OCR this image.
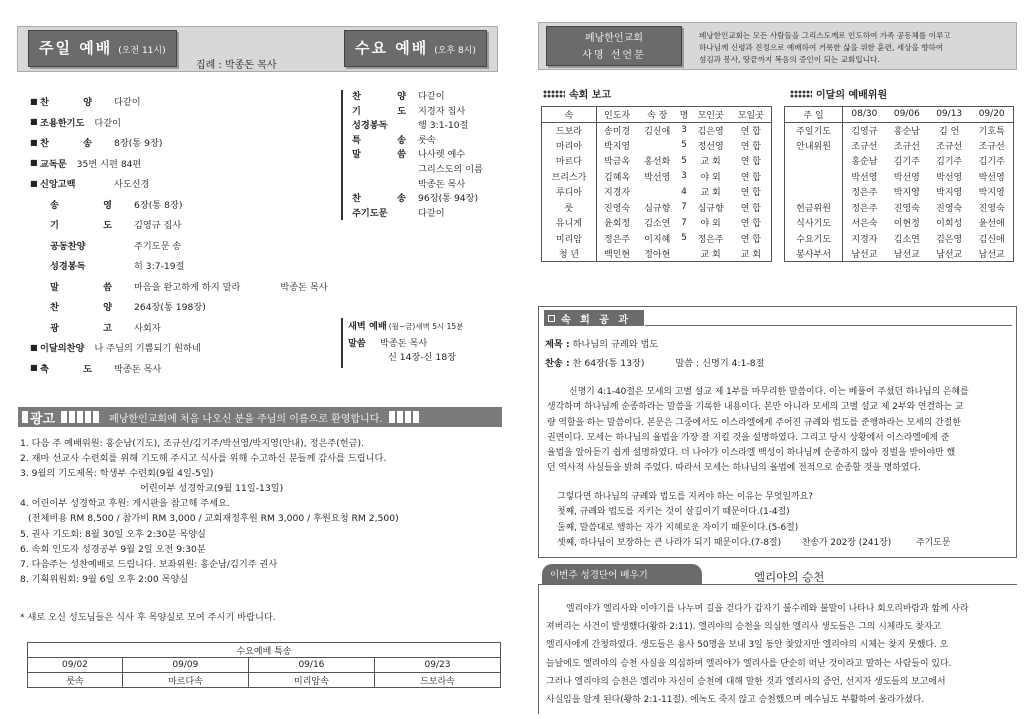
주일 예배 (오전 11시)
집례 : 박종돈 목사
수요 예배 (오후 8시)
■ 찬	양 다같이
■ 조용한 기도 다같이
■ 찬	송 8장(통 9장)
■ 교 독 문 35번 시편 84편
■ 신앙고백	사도신경
송	영 6장(통 8장)
기	도 김영규 집사
공동찬양	주기도문 송
성경봉독	히 3:7-19절
말	씀 마음을 완고하게 하지 말라	박종돈 목사
찬	양 264장(통 198장)
광	고 사회자
■ 이달의 찬양 나 주님의 기쁨되기 원하네
■ 축	도 박종돈 목사
찬	양 다같이
기	도 지경자 집사
성경봉독	행 3:1-10절
특	송 룻속
말	씀 나사렛 예수
그리스도의 이름
박종돈 목사
찬	송 96장(통 94장)
주기도문	다같이
새벽 예배 (월~금)새벽 5시 15분
말씀 박종돈 목사
신 14장-신 18장
광고	페낭한인교회에 처음 나오신 분을 주님의 이름으로 환영합니다.
1. 다음 주 예배위원: 홍순남(기도), 조규선/김기주/박선영/박지영(안내), 정은주(헌금).
2. 재마 선교사 수련회를 위해 기도해 주시고 식사를 위해 수고하신 분들께 감사를 드립니다.
3. 9월의 기도제목: 학생부 수련회(9월 4일-5일)
어린이부 성경학교(9월 11일-13일)
4. 어린이부 성경학교 후원: 게시판을 참고해 주세요.
(전체비용 RM 8,500 / 참가비 RM 3,000 / 교회재정후원 RM 3,000 / 후원요청 RM 2,500)
5. 권사 기도회: 8월 30일 오후 2:30분 목양실
6. 속회 인도자 성경공부 9월 2일 오전 9:30분
7. 다음주는 성찬예배로 드립니다. 보좌위원: 홍순남/김기주 권사
8. 기획위원회: 9월 6일 오후 2:00 목양실
* 새로 오신 성도님들은 식사 후 목양실로 모여 주시기 바랍니다.
수요예배 특송			
09/02	09/09	09/16	09/23
룻속	마르다속	미리암속	드보라속
페낭한인교회
사명 선언문
페낭한인교회는 모든 사람들을 그리스도께로 인도하여 가족 공동체를 이루고
하나님께 신령과 진정으로 예배하여 거룩한 삶을 위한 훈련, 세상을 향하여
섬김과 봉사, 땅끝까지 복음의 증인이 되는 교회입니다.
속회 보고
속	인도자	속 장	명	모인곳	모일곳
드보라	송미경	김신애	3	김은영	연 합
마리아	박지영		5	정선영	연 합
마르다	박금옥	홍선화	5	교 회	연 합
브리스가	김혜옥	박선영	3	야 외	연 합
루디아	지경자		4	교 회	연 합
룻	진영숙	심규향	7	심규향	연 합
유니게	윤회정	김소연	7	야 외	연 합
미리암	정은주	이지혜	5	정은주	연 합
청 년	백인현	정아현		교 회	교 회
이달의 예배위원
주 일	08/30	09/06	09/13	09/20
주일기도	김영규	홍순남	김 언	기호특
안내위원	조규선	조규선	조규선	조규선
	홍순남	김기주	김기주	김기주
	박선영	박선영	박선영	박선영
	정은주	박지영	박지영	박지영
헌금위원	정은주	진영숙	진영숙	진영숙
식사기도	서은숙	이현정	이희성	윤선애
수요기도	지경자	김소연	김은영	김신애
봉사부서	남선교	남선교	남선교	남선교
속 회 공 과
제목 : 하나님의 규례와 법도
찬송 : 찬 64장(통 13장)	말씀 : 신명기 4:1-8절
신명기 4:1-40절은 모세의 고별 설교 제 1부를 마무리한 말씀이다. 이는 베풀어 주셨던 하나님의 은혜를
생각하며 하나님께 순종하라는 말씀을 기록한 내용이다. 본만 아니라 모세의 고별 설교 제 2부와 연결하는 교
량 역할을 하는 말씀이다. 본문은 그중에서도 이스라엘에게 주어진 규례와 법도를 준행하라는 모세의 간절한
권면이다. 모세는 하나님의 율법을 가장 잘 지킬 것을 설명하였다. 그리고 당시 상황에서 이스라엘에게 준
율법을 알아듣기 쉽게 설명하였다. 더 나아가 이스라엘 백성이 하나님께 순종하지 않아 징벌을 받아야만 했
던 역사적 사실들을 밝혀 주었다. 따라서 모세는 하나님의 율법에 전적으로 순종할 것을 명하였다.
그렇다면 하나님의 규례와 법도를 지켜야 하는 이유는 무엇일까요?
첫째, 규례와 법도를 지키는 것이 살길이기 때문이다.(1-4절)
둘째, 말씀대로 행하는 자가 지혜로운 자이기 때문이다.(5-6절)
셋째, 하나님이 보장하는 큰 나라가 되기 때문이다.(7-8절) 찬송가 202장 (241장)	주기도문
이번주 성경단어 배우기	엘리야의 승천
엘리야가 엘리사와 이야기를 나누며 길을 걷다가 갑자기 불수레와 불말이 나타나 회오리바람과 함께 사라
져버리는 사건이 발생했다(왕하 2:11). 엘리야의 승천을 의심한 엘리사 생도들은 그의 시체라도 찾자고
엘리사에게 간청하였다. 생도들은 용사 50명을 보내 3일 동안 찾았지만 엘리야의 시체는 찾지 못했다. 오
늘날에도 엘리야의 승천 사실을 의심하며 엘리야가 엘리사를 단순히 떠난 것이라고 말하는 사람들이 있다.
그러나 엘리야의 승천은 엘리야 자신이 승천에 대해 말한 것과 엘리사의 증언, 선지자 생도들의 보고에서
사실임을 알게 된다(왕하 2:1-11절). 에녹도 죽지 않고 승천했으며 예수님도 부활하여 올라가셨다.
